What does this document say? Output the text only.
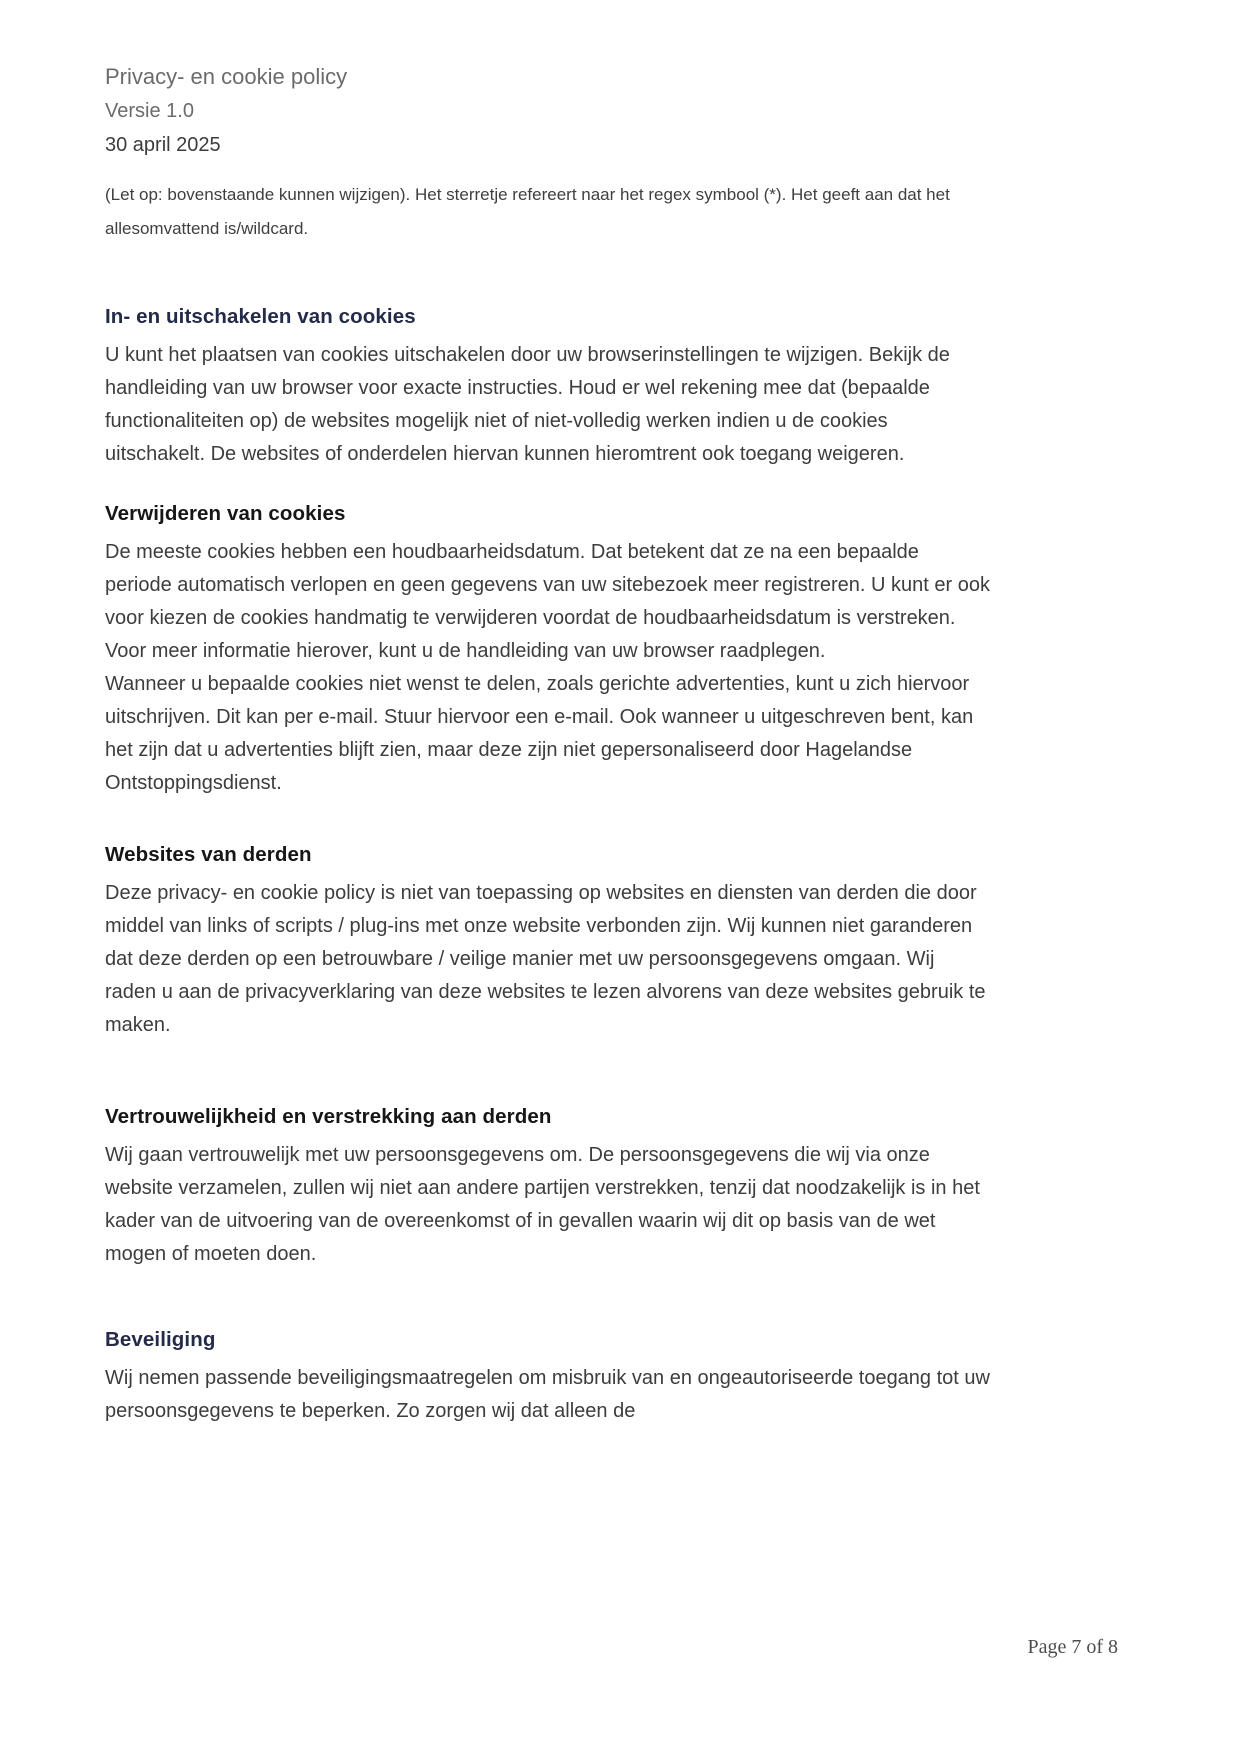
Privacy- en cookie policy
Versie 1.0
30 april 2025

(Let op: bovenstaande kunnen wijzigen). Het sterretje refereert naar het regex symbool (*). Het geeft aan dat het allesomvattend is/wildcard.

In- en uitschakelen van cookies

U kunt het plaatsen van cookies uitschakelen door uw browserinstellingen te wijzigen. Bekijk de handleiding van uw browser voor exacte instructies. Houd er wel rekening mee dat (bepaalde functionaliteiten op) de websites mogelijk niet of niet-volledig werken indien u de cookies uitschakelt. De websites of onderdelen hiervan kunnen hieromtrent ook toegang weigeren.

Verwijderen van cookies

De meeste cookies hebben een houdbaarheidsdatum. Dat betekent dat ze na een bepaalde periode automatisch verlopen en geen gegevens van uw sitebezoek meer registreren. U kunt er ook voor kiezen de cookies handmatig te verwijderen voordat de houdbaarheidsdatum is verstreken. Voor meer informatie hierover, kunt u de handleiding van uw browser raadplegen.

Wanneer u bepaalde cookies niet wenst te delen, zoals gerichte advertenties, kunt u zich hiervoor uitschrijven. Dit kan per e-mail. Stuur hiervoor een e-mail. Ook wanneer u uitgeschreven bent, kan het zijn dat u advertenties blijft zien, maar deze zijn niet gepersonaliseerd door Hagelandse Ontstoppingsdienst.

Websites van derden

Deze privacy- en cookie policy is niet van toepassing op websites en diensten van derden die door middel van links of scripts / plug-ins met onze website verbonden zijn. Wij kunnen niet garanderen dat deze derden op een betrouwbare / veilige manier met uw persoonsgegevens omgaan. Wij raden u aan de privacyverklaring van deze websites te lezen alvorens van deze websites gebruik te maken.

Vertrouwelijkheid en verstrekking aan derden

Wij gaan vertrouwelijk met uw persoonsgegevens om. De persoonsgegevens die wij via onze website verzamelen, zullen wij niet aan andere partijen verstrekken, tenzij dat noodzakelijk is in het kader van de uitvoering van de overeenkomst of in gevallen waarin wij dit op basis van de wet mogen of moeten doen.

Beveiliging

Wij nemen passende beveiligingsmaatregelen om misbruik van en ongeautoriseerde toegang tot uw persoonsgegevens te beperken. Zo zorgen wij dat alleen de

Page 7 of 8
